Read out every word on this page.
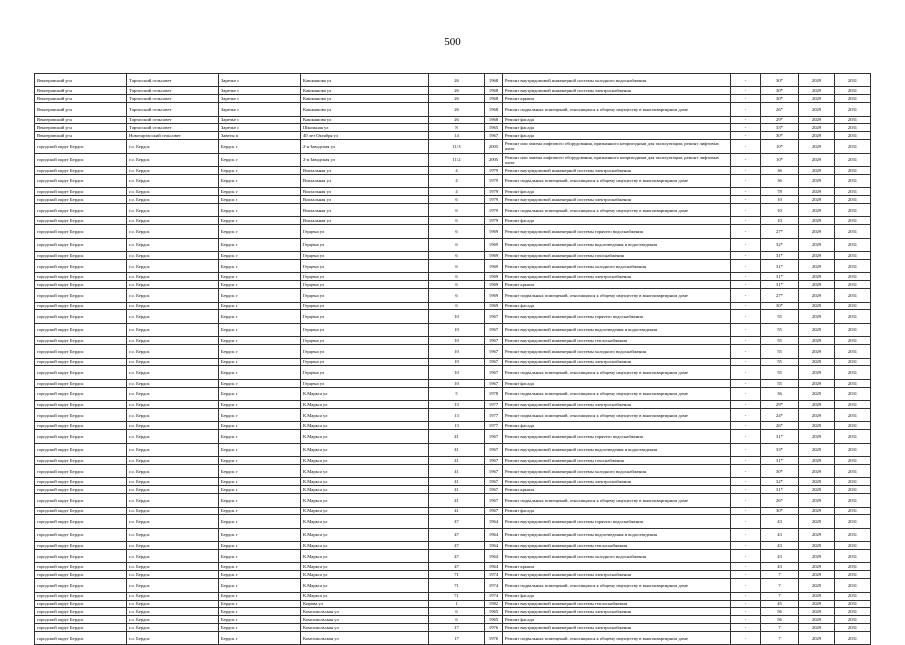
500
Венгеровский р-н	Тартасский сельсовет	Заречье с	Кашкашова ул	26	1968	Ремонт внутридомовой инженерной системы холодного водоснабжения	-	30*	2029	2031
Венгеровский р-н	Тартасский сельсовет	Заречье с	Кашкашова ул	26	1968	Ремонт внутридомовой инженерной системы электроснабжения	-	30*	2029	2031
Венгеровский р-н	Тартасский сельсовет	Заречье с	Кашкашова ул	26	1968	Ремонт крыши	-	30*	2029	2031
Венгеровский р-н	Тартасский сельсовет	Заречье с	Кашкашова ул	26	1968	Ремонт подвальных помещений, относящихся к общему имуществу в многоквартирном доме	-	26*	2029	2031
Венгеровский р-н	Тартасский сельсовет	Заречье с	Кашкашова ул	26	1968	Ремонт фасада	-	29*	2029	2031
Венгеровский р-н	Тартасский сельсовет	Заречье с	Школьная ул	8	1965	Ремонт фасада	-	33*	2029	2031
Венгеровский р-н	Новотартасский сельсовет	Заветы п	40 лет Октября ул	14	1967	Ремонт фасада	-	30*	2029	2031
городской округ Бердск	г.о. Бердск	Бердск г	2-я Заводская ул	11/3	2005	Ремонт или замена лифтового оборудования, признанного непригодным для эксплуатации, ремонт лифтовых шахт	-	10*	2029	2031
городской округ Бердск	г.о. Бердск	Бердск г	2-я Заводская ул	11/2	2005	Ремонт или замена лифтового оборудования, признанного непригодным для эксплуатации, ремонт лифтовых шахт	-	10*	2029	2031
городской округ Бердск	г.о. Бердск	Бердск г	Вокзальная ул	4	1979	Ремонт внутридомовой инженерной системы электроснабжения	-	36	2029	2031
городской округ Бердск	г.о. Бердск	Бердск г	Вокзальная ул	4	1979	Ремонт подвальных помещений, относящихся к общему имуществу в многоквартирном доме	-	36	2029	2031
городской округ Бердск	г.о. Бердск	Бердск г	Вокзальная ул	4	1979	Ремонт фасада	-	78	2029	2031
городской округ Бердск	г.о. Бердск	Бердск г	Вокзальная ул	6	1979	Ремонт внутридомовой инженерной системы электроснабжения	-	10	2029	2031
городской округ Бердск	г.о. Бердск	Бердск г	Вокзальная ул	6	1979	Ремонт подвальных помещений, относящихся к общему имуществу в многоквартирном доме	-	10	2029	2031
городской округ Бердск	г.о. Бердск	Бердск г	Вокзальная ул	6	1979	Ремонт фасада	-	10	2029	2031
городской округ Бердск	г.о. Бердск	Бердск г	Герцена ул	6	1969	Ремонт внутридомовой инженерной системы горячего водоснабжения	-	27*	2029	2031
городской округ Бердск	г.о. Бердск	Бердск г	Герцена ул	6	1969	Ремонт внутридомовой инженерной системы водоотведения и водоотведения	-	32*	2029	2031
городской округ Бердск	г.о. Бердск	Бердск г	Герцена ул	6	1969	Ремонт внутридомовой инженерной системы газоснабжения	-	31*	2029	2031
городской округ Бердск	г.о. Бердск	Бердск г	Герцена ул	6	1969	Ремонт внутридомовой инженерной системы холодного водоснабжения	-	31*	2029	2031
городской округ Бердск	г.о. Бердск	Бердск г	Герцена ул	6	1969	Ремонт внутридомовой инженерной системы электроснабжения	-	31*	2029	2031
городской округ Бердск	г.о. Бердск	Бердск г	Герцена ул	6	1969	Ремонт крыши	-	31*	2029	2031
городской округ Бердск	г.о. Бердск	Бердск г	Герцена ул	6	1969	Ремонт подвальных помещений, относящихся к общему имуществу в многоквартирном доме	-	27*	2029	2031
городской округ Бердск	г.о. Бердск	Бердск г	Герцена ул	6	1969	Ремонт фасада	-	30*	2029	2031
городской округ Бердск	г.о. Бердск	Бердск г	Герцена ул	10	1967	Ремонт внутридомовой инженерной системы горячего водоснабжения	-	55	2029	2031
городской округ Бердск	г.о. Бердск	Бердск г	Герцена ул	10	1967	Ремонт внутридомовой инженерной системы водоотведения и водоотведения	-	55	2029	2031
городской округ Бердск	г.о. Бердск	Бердск г	Герцена ул	10	1967	Ремонт внутридомовой инженерной системы теплоснабжения	-	55	2029	2031
городской округ Бердск	г.о. Бердск	Бердск г	Герцена ул	10	1967	Ремонт внутридомовой инженерной системы холодного водоснабжения	-	55	2029	2031
городской округ Бердск	г.о. Бердск	Бердск г	Герцена ул	10	1967	Ремонт внутридомовой инженерной системы электроснабжения	-	55	2029	2031
городской округ Бердск	г.о. Бердск	Бердск г	Герцена ул	10	1967	Ремонт подвальных помещений, относящихся к общему имуществу в многоквартирном доме	-	55	2029	2031
городской округ Бердск	г.о. Бердск	Бердск г	Герцена ул	10	1967	Ремонт фасада	-	55	2029	2031
городской округ Бердск	г.о. Бердск	Бердск г	К.Маркса ул	5	1978	Ремонт подвальных помещений, относящихся к общему имуществу в многоквартирном доме	-	36	2029	2031
городской округ Бердск	г.о. Бердск	Бердск г	К.Маркса ул	13	1977	Ремонт внутридомовой инженерной системы электроснабжения	-	29*	2029	2031
городской округ Бердск	г.о. Бердск	Бердск г	К.Маркса ул	13	1977	Ремонт подвальных помещений, относящихся к общему имуществу в многоквартирном доме	-	24*	2029	2031
городской округ Бердск	г.о. Бердск	Бердск г	К.Маркса ул	13	1977	Ремонт фасада	-	26*	2029	2031
городской округ Бердск	г.о. Бердск	Бердск г	К.Маркса ул	41	1967	Ремонт внутридомовой инженерной системы горячего водоснабжения	-	31*	2029	2031
городской округ Бердск	г.о. Бердск	Бердск г	К.Маркса ул	41	1967	Ремонт внутридомовой инженерной системы водоотведения и водоотведения	-	33*	2029	2031
городской округ Бердск	г.о. Бердск	Бердск г	К.Маркса ул	41	1967	Ремонт внутридомовой инженерной системы газоснабжения	-	31*	2029	2031
городской округ Бердск	г.о. Бердск	Бердск г	К.Маркса ул	41	1967	Ремонт внутридомовой инженерной системы холодного водоснабжения	-	30*	2029	2031
городской округ Бердск	г.о. Бердск	Бердск г	К.Маркса ул	41	1967	Ремонт внутридомовой инженерной системы электроснабжения	-	32*	2029	2031
городской округ Бердск	г.о. Бердск	Бердск г	К.Маркса ул	41	1967	Ремонт крыши	-	31*	2029	2031
городской округ Бердск	г.о. Бердск	Бердск г	К.Маркса ул	41	1967	Ремонт подвальных помещений, относящихся к общему имуществу в многоквартирном доме	-	26*	2029	2031
городской округ Бердск	г.о. Бердск	Бердск г	К.Маркса ул	41	1967	Ремонт фасада	-	30*	2029	2031
городской округ Бердск	г.о. Бердск	Бердск г	К.Маркса ул	47	1964	Ремонт внутридомовой инженерной системы горячего водоснабжения	-	43	2029	2031
городской округ Бердск	г.о. Бердск	Бердск г	К.Маркса ул	47	1964	Ремонт внутридомовой инженерной системы водоотведения и водоотведения	-	43	2029	2031
городской округ Бердск	г.о. Бердск	Бердск г	К.Маркса ул	47	1964	Ремонт внутридомовой инженерной системы теплоснабжения	-	43	2029	2031
городской округ Бердск	г.о. Бердск	Бердск г	К.Маркса ул	47	1964	Ремонт внутридомовой инженерной системы холодного водоснабжения	-	43	2029	2031
городской округ Бердск	г.о. Бердск	Бердск г	К.Маркса ул	47	1964	Ремонт крыши	-	43	2029	2031
городской округ Бердск	г.о. Бердск	Бердск г	К.Маркса ул	71	1974	Ремонт внутридомовой инженерной системы электроснабжения	-	7	2029	2031
городской округ Бердск	г.о. Бердск	Бердск г	К.Маркса ул	71	1974	Ремонт подвальных помещений, относящихся к общему имуществу в многоквартирном доме	-	7	2029	2031
городской округ Бердск	г.о. Бердск	Бердск г	К.Маркса ул	71	1974	Ремонт фасада	-	7	2029	2031
городской округ Бердск	г.о. Бердск	Бердск г	Кирова ул	1	1982	Ремонт внутридомовой инженерной системы теплоснабжения	-	45	2029	2031
городской округ Бердск	г.о. Бердск	Бердск г	Комсомольская ул	6	1965	Ремонт внутридомовой инженерной системы электроснабжения	-	56	2029	2031
городской округ Бердск	г.о. Бердск	Бердск г	Комсомольская ул	6	1965	Ремонт фасада	-	56	2029	2031
городской округ Бердск	г.о. Бердск	Бердск г	Комсомольская ул	17	1976	Ремонт внутридомовой инженерной системы электроснабжения	-	7	2029	2031
городской округ Бердск	г.о. Бердск	Бердск г	Комсомольская ул	17	1976	Ремонт подвальных помещений, относящихся к общему имуществу в многоквартирном доме	-	7	2029	2031
